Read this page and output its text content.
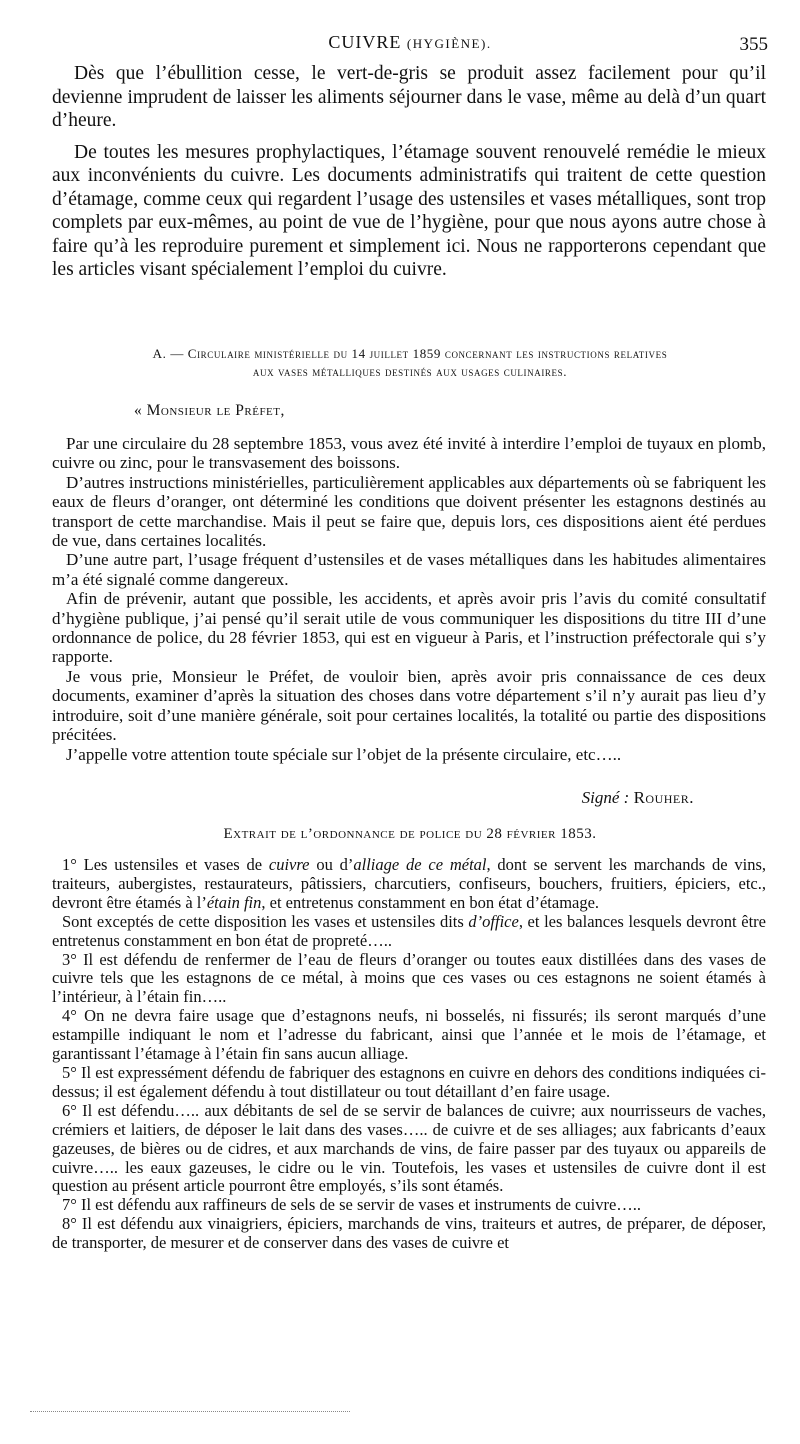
CUIVRE (HYGIÈNE).	355

Dès que l’ébullition cesse, le vert-de-gris se produit assez facilement pour qu’il devienne imprudent de laisser les aliments séjourner dans le vase, même au delà d’un quart d’heure.

De toutes les mesures prophylactiques, l’étamage souvent renouvelé remédie le mieux aux inconvénients du cuivre. Les documents administratifs qui traitent de cette question d’étamage, comme ceux qui regardent l’usage des ustensiles et vases métalliques, sont trop complets par eux-mêmes, au point de vue de l’hygiène, pour que nous ayons autre chose à faire qu’à les reproduire purement et simplement ici. Nous ne rapporterons cependant que les articles visant spécialement l’emploi du cuivre.

A. — Circulaire ministérielle du 14 juillet 1859 concernant les instructions relatives
aux vases métalliques destinés aux usages culinaires.
« Monsieur le Préfet,

Par une circulaire du 28 septembre 1853, vous avez été invité à interdire l’emploi de tuyaux en plomb, cuivre ou zinc, pour le transvasement des boissons.

D’autres instructions ministérielles, particulièrement applicables aux départements où se fabriquent les eaux de fleurs d’oranger, ont déterminé les conditions que doivent présenter les estagnons destinés au transport de cette marchandise. Mais il peut se faire que, depuis lors, ces dispositions aient été perdues de vue, dans certaines localités.

D’une autre part, l’usage fréquent d’ustensiles et de vases métalliques dans les habitudes alimentaires m’a été signalé comme dangereux.

Afin de prévenir, autant que possible, les accidents, et après avoir pris l’avis du comité consultatif d’hygiène publique, j’ai pensé qu’il serait utile de vous communiquer les dispositions du titre III d’une ordonnance de police, du 28 février 1853, qui est en vigueur à Paris, et l’instruction préfectorale qui s’y rapporte.

Je vous prie, Monsieur le Préfet, de vouloir bien, après avoir pris connaissance de ces deux documents, examiner d’après la situation des choses dans votre département s’il n’y aurait pas lieu d’y introduire, soit d’une manière générale, soit pour certaines localités, la totalité ou partie des dispositions précitées.

J’appelle votre attention toute spéciale sur l’objet de la présente circulaire, etc…..

Signé : Rouher.
Extrait de l’ordonnance de police du 28 février 1853.

1° Les ustensiles et vases de cuivre ou d’alliage de ce métal, dont se servent les marchands de vins, traiteurs, aubergistes, restaurateurs, pâtissiers, charcutiers, confiseurs, bouchers, fruitiers, épiciers, etc., devront être étamés à l’étain fin, et entretenus constamment en bon état d’étamage.

Sont exceptés de cette disposition les vases et ustensiles dits d’office, et les balances lesquels devront être entretenus constamment en bon état de propreté…..

3° Il est défendu de renfermer de l’eau de fleurs d’oranger ou toutes eaux distillées dans des vases de cuivre tels que les estagnons de ce métal, à moins que ces vases ou ces estagnons ne soient étamés à l’intérieur, à l’étain fin…..

4° On ne devra faire usage que d’estagnons neufs, ni bosselés, ni fissurés; ils seront marqués d’une estampille indiquant le nom et l’adresse du fabricant, ainsi que l’année et le mois de l’étamage, et garantissant l’étamage à l’étain fin sans aucun alliage.

5° Il est expressément défendu de fabriquer des estagnons en cuivre en dehors des conditions indiquées ci-dessus; il est également défendu à tout distillateur ou tout détaillant d’en faire usage.

6° Il est défendu….. aux débitants de sel de se servir de balances de cuivre; aux nourrisseurs de vaches, crémiers et laitiers, de déposer le lait dans des vases….. de cuivre et de ses alliages; aux fabricants d’eaux gazeuses, de bières ou de cidres, et aux marchands de vins, de faire passer par des tuyaux ou appareils de cuivre….. les eaux gazeuses, le cidre ou le vin. Toutefois, les vases et ustensiles de cuivre dont il est question au présent article pourront être employés, s’ils sont étamés.

7° Il est défendu aux raffineurs de sels de se servir de vases et instruments de cuivre…..

8° Il est défendu aux vinaigriers, épiciers, marchands de vins, traiteurs et autres, de préparer, de déposer, de transporter, de mesurer et de conserver dans des vases de cuivre et
